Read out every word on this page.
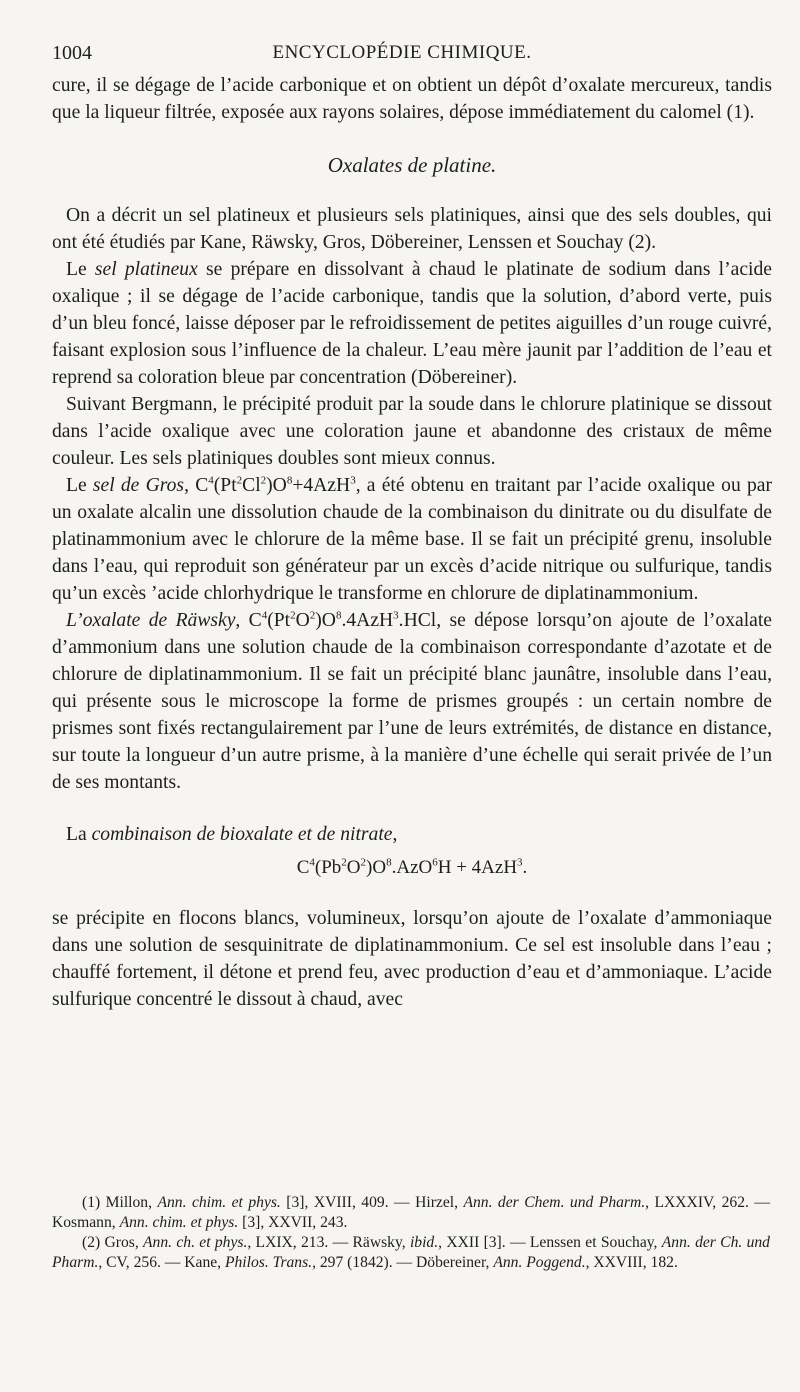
1004	ENCYCLOPÉDIE CHIMIQUE.

cure, il se dégage de l’acide carbonique et on obtient un dépôt d’oxalate mercureux, tandis que la liqueur filtrée, exposée aux rayons solaires, dépose immédiatement du calomel (1).

Oxalates de platine.

On a décrit un sel platineux et plusieurs sels platiniques, ainsi que des sels doubles, qui ont été étudiés par Kane, Räwsky, Gros, Döbereiner, Lenssen et Souchay (2).

Le sel platineux se prépare en dissolvant à chaud le platinate de sodium dans l’acide oxalique ; il se dégage de l’acide carbonique, tandis que la solution, d’abord verte, puis d’un bleu foncé, laisse déposer par le refroidissement de petites aiguilles d’un rouge cuivré, faisant explosion sous l’influence de la chaleur. L’eau mère jaunit par l’addition de l’eau et reprend sa coloration bleue par concentration (Döbereiner).

Suivant Bergmann, le précipité produit par la soude dans le chlorure platinique se dissout dans l’acide oxalique avec une coloration jaune et abandonne des cristaux de même couleur. Les sels platiniques doubles sont mieux connus.

Le sel de Gros, $C^4(Pt^2Cl^2)O^8+4AzH^3$, a été obtenu en traitant par l’acide oxalique ou par un oxalate alcalin une dissolution chaude de la combinaison du dinitrate ou du disulfate de platinammonium avec le chlorure de la même base. Il se fait un précipité grenu, insoluble dans l’eau, qui reproduit son générateur par un excès d’acide nitrique ou sulfurique, tandis qu’un excès ’acide chlorhydrique le transforme en chlorure de diplatinammonium.

L’oxalate de Räwsky, $C^4(Pt^2O^2)O^8.4AzH^3.HCl$, se dépose lorsqu’on ajoute de l’oxalate d’ammonium dans une solution chaude de la combinaison correspondante d’azotate et de chlorure de diplatinammonium. Il se fait un précipité blanc jaunâtre, insoluble dans l’eau, qui présente sous le microscope la forme de prismes groupés : un certain nombre de prismes sont fixés rectangulairement par l’une de leurs extrémités, de distance en distance, sur toute la longueur d’un autre prisme, à la manière d’une échelle qui serait privée de l’un de ses montants.

La combinaison de bioxalate et de nitrate,

$C^4(Pb^2O^2)O^8.AzO^6H + 4AzH^3$.

se précipite en flocons blancs, volumineux, lorsqu’on ajoute de l’oxalate d’ammoniaque dans une solution de sesquinitrate de diplatinammonium. Ce sel est insoluble dans l’eau ; chauffé fortement, il détone et prend feu, avec production d’eau et d’ammoniaque. L’acide sulfurique concentré le dissout à chaud, avec

(1) Millon, Ann. chim. et phys. [3], XVIII, 409. — Hirzel, Ann. der Chem. und Pharm., LXXXIV, 262. — Kosmann, Ann. chim. et phys. [3], XXVII, 243.

(2) Gros, Ann. ch. et phys., LXIX, 213. — Räwsky, ibid., XXII [3]. — Lenssen et Souchay, Ann. der Ch. und Pharm., CV, 256. — Kane, Philos. Trans., 297 (1842). — Döbereiner, Ann. Poggend., XXVIII, 182.
